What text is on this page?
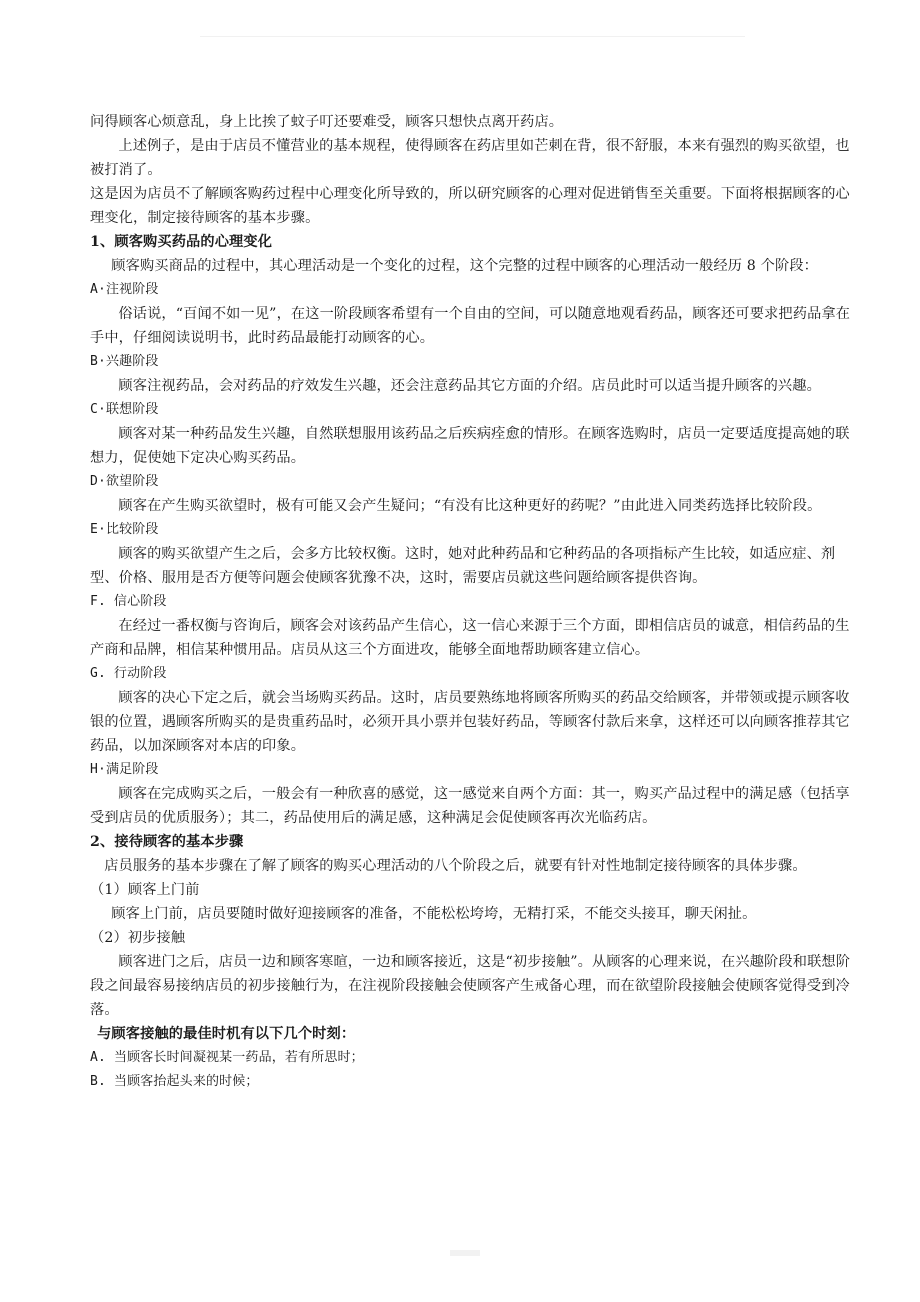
问得顾客心烦意乱，身上比挨了蚊子叮还要难受，顾客只想快点离开药店。

上述例子，是由于店员不懂营业的基本规程，使得顾客在药店里如芒刺在背，很不舒服，本来有强烈的购买欲望，也被打消了。

这是因为店员不了解顾客购药过程中心理变化所导致的，所以研究顾客的心理对促进销售至关重要。下面将根据顾客的心理变化，制定接待顾客的基本步骤。

1、顾客购买药品的心理变化

顾客购买商品的过程中，其心理活动是一个变化的过程，这个完整的过程中顾客的心理活动一般经历 8 个阶段：

A·注视阶段

俗话说，“百闻不如一见”，在这一阶段顾客希望有一个自由的空间，可以随意地观看药品，顾客还可要求把药品拿在手中，仔细阅读说明书，此时药品最能打动顾客的心。

B·兴趣阶段

顾客注视药品，会对药品的疗效发生兴趣，还会注意药品其它方面的介绍。店员此时可以适当提升顾客的兴趣。

C·联想阶段

顾客对某一种药品发生兴趣，自然联想服用该药品之后疾病痊愈的情形。在顾客选购时，店员一定要适度提高她的联想力，促使她下定决心购买药品。

D·欲望阶段

顾客在产生购买欲望时，极有可能又会产生疑问；“有没有比这种更好的药呢？”由此进入同类药选择比较阶段。

E·比较阶段

顾客的购买欲望产生之后，会多方比较权衡。这时，她对此种药品和它种药品的各项指标产生比较，如适应症、剂型、价格、服用是否方便等问题会使顾客犹豫不决，这时，需要店员就这些问题给顾客提供咨询。

F. 信心阶段

在经过一番权衡与咨询后，顾客会对该药品产生信心，这一信心来源于三个方面，即相信店员的诚意，相信药品的生产商和品牌，相信某种惯用品。店员从这三个方面进攻，能够全面地帮助顾客建立信心。

G. 行动阶段

顾客的决心下定之后，就会当场购买药品。这时，店员要熟练地将顾客所购买的药品交给顾客，并带领或提示顾客收银的位置，遇顾客所购买的是贵重药品时，必须开具小票并包装好药品，等顾客付款后来拿，这样还可以向顾客推荐其它药品，以加深顾客对本店的印象。

H·满足阶段

顾客在完成购买之后，一般会有一种欣喜的感觉，这一感觉来自两个方面：其一，购买产品过程中的满足感（包括享受到店员的优质服务）；其二，药品使用后的满足感，这种满足会促使顾客再次光临药店。

2、接待顾客的基本步骤

店员服务的基本步骤在了解了顾客的购买心理活动的八个阶段之后，就要有针对性地制定接待顾客的具体步骤。

（1）顾客上门前

顾客上门前，店员要随时做好迎接顾客的准备，不能松松垮垮，无精打采，不能交头接耳，聊天闲扯。

（2）初步接触

顾客进门之后，店员一边和顾客寒暄，一边和顾客接近，这是“初步接触”。从顾客的心理来说，在兴趣阶段和联想阶段之间最容易接纳店员的初步接触行为，在注视阶段接触会使顾客产生戒备心理，而在欲望阶段接触会使顾客觉得受到冷落。

与顾客接触的最佳时机有以下几个时刻：

A. 当顾客长时间凝视某一药品，若有所思时；

B. 当顾客抬起头来的时候；
